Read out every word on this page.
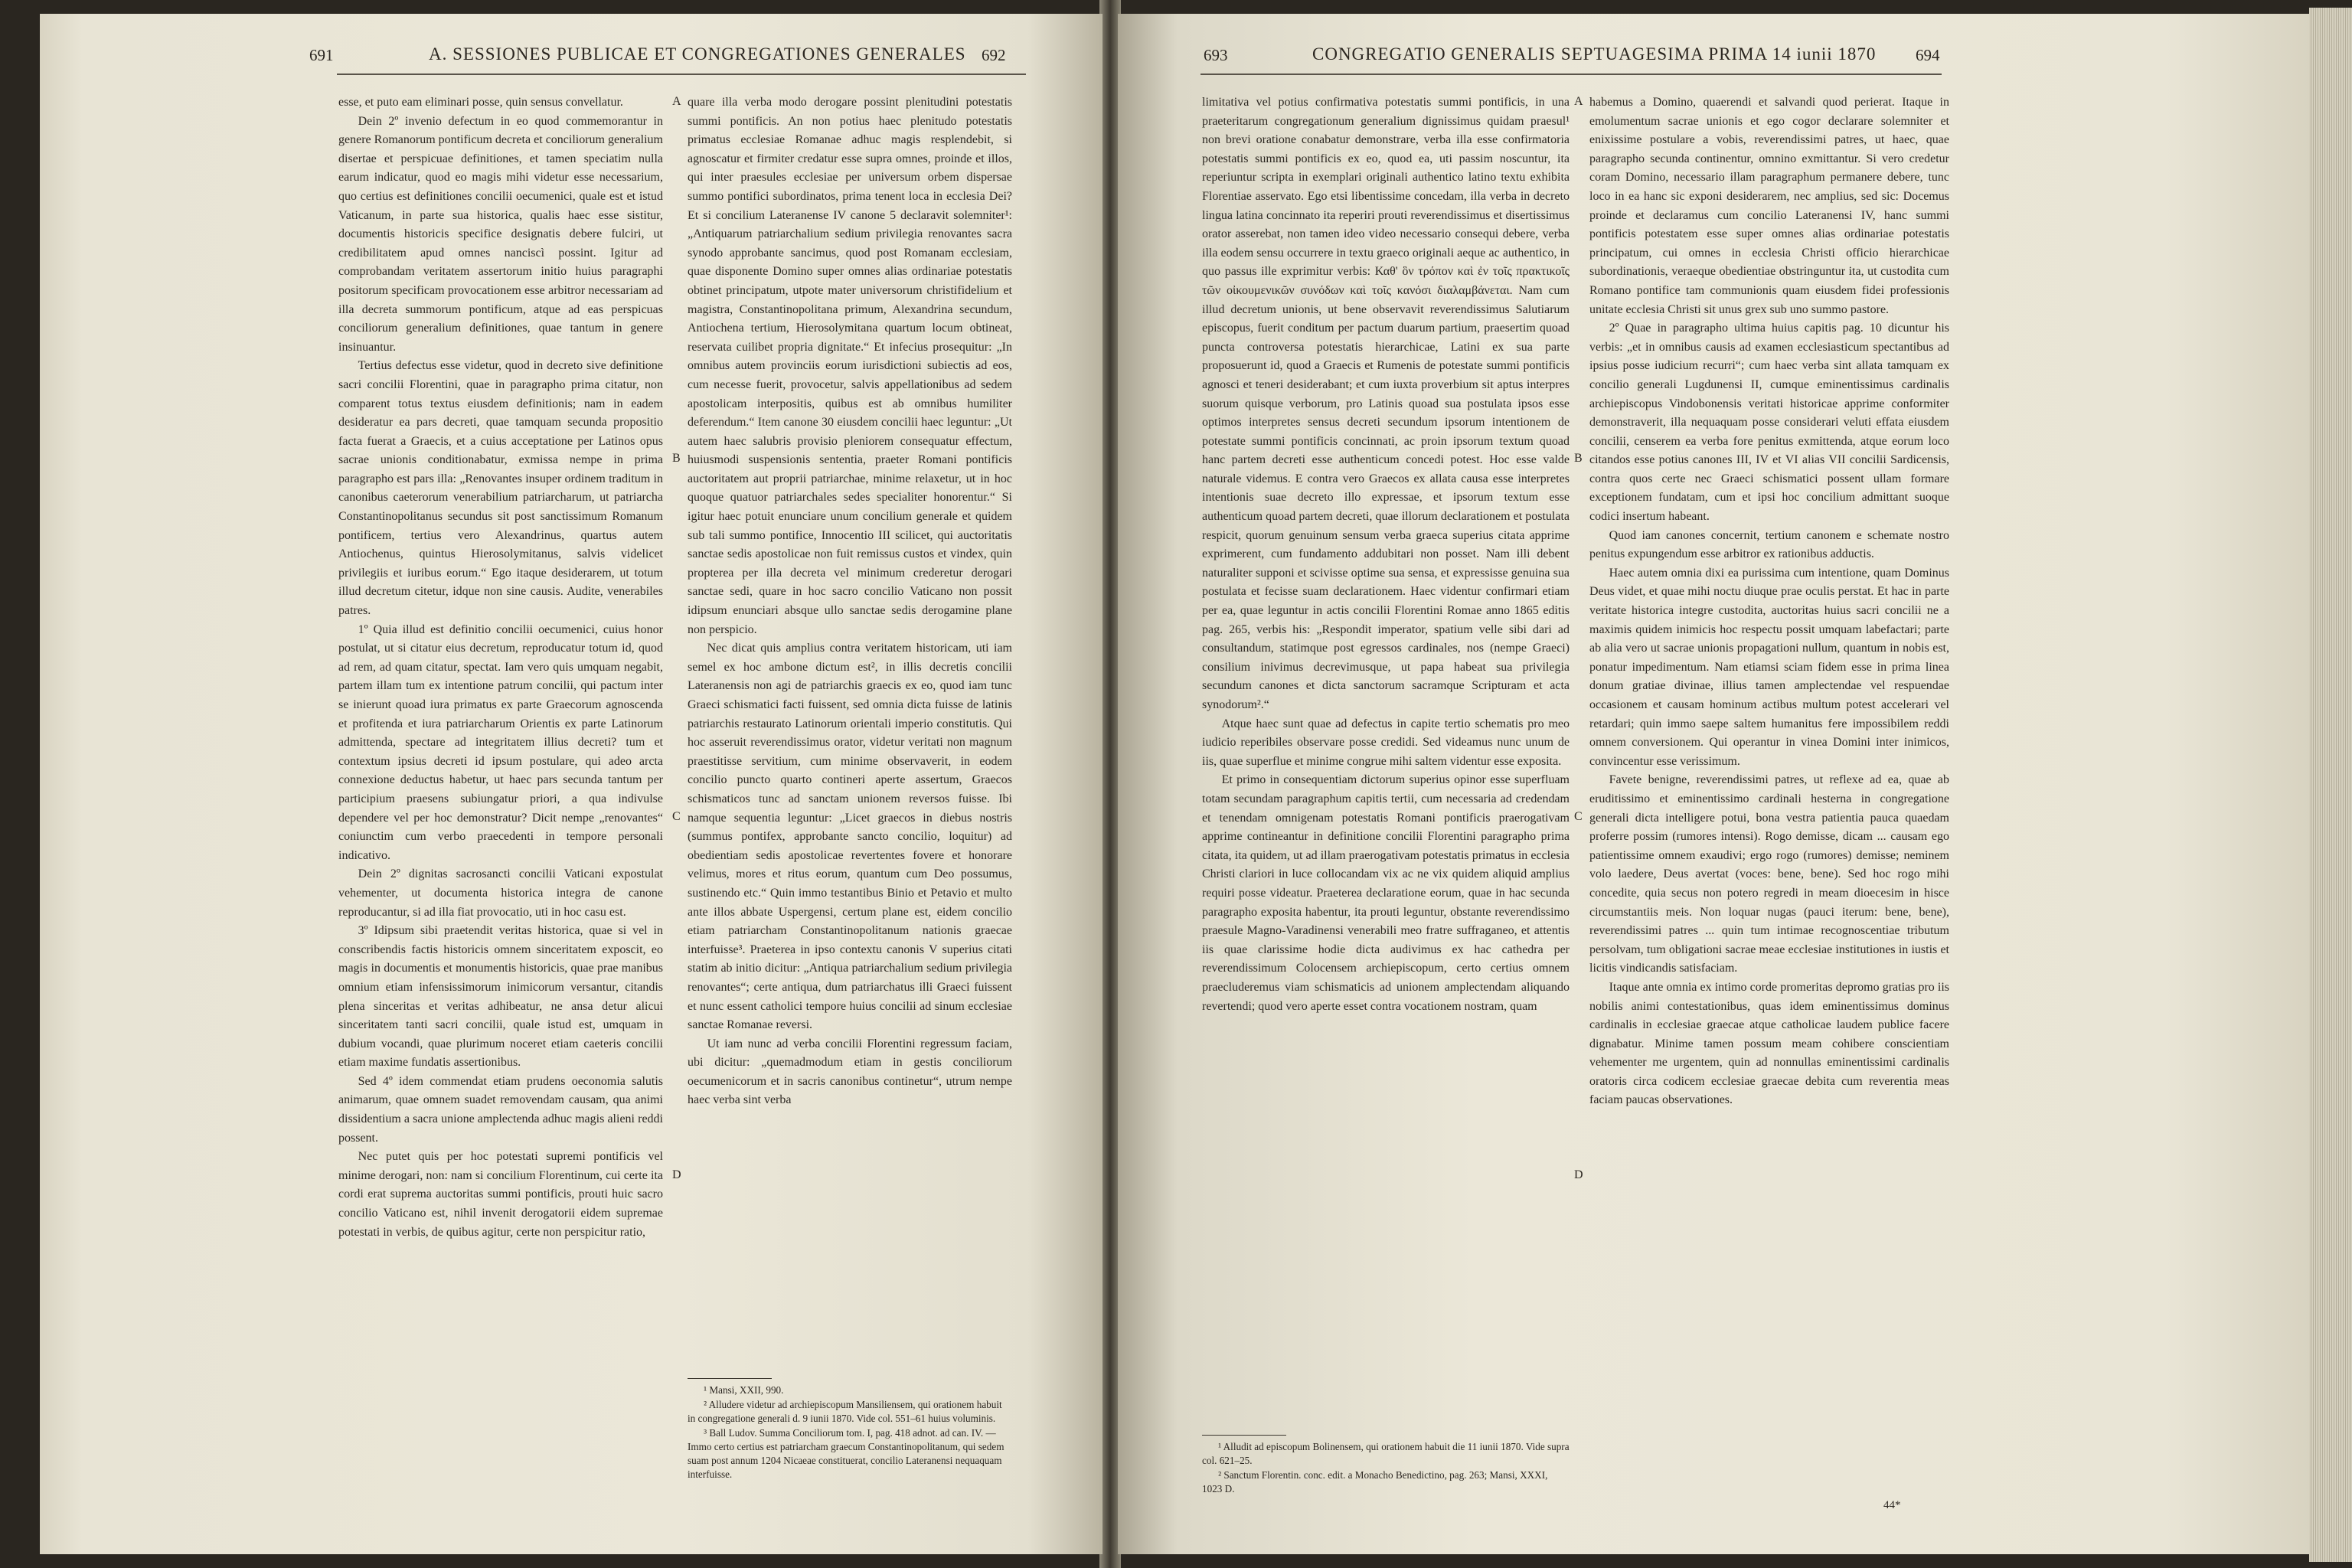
691	A. SESSIONES PUBLICAE ET CONGREGATIONES GENERALES 692

esse, et puto eam eliminari posse, quin sensus convellatur.

Dein 2º invenio defectum in eo quod commemorantur in genere Romanorum pontificum decreta et conciliorum generalium disertae et perspicuae definitiones, et tamen speciatim nulla earum indicatur, quod eo magis mihi videtur esse necessarium, quo certius est definitiones concilii oecumenici, quale est et istud Vaticanum, in parte sua historica, qualis haec esse sistitur, documentis historicis specifice designatis debere fulciri, ut credibilitatem apud omnes nanciscì possint. Igitur ad comprobandam veritatem assertorum initio huius paragraphi positorum specificam provocationem esse arbitror necessariam ad illa decreta summorum pontificum, atque ad eas perspicuas conciliorum generalium definitiones, quae tantum in genere insinuantur.

Tertius defectus esse videtur, quod in decreto sive definitione sacri concilii Florentini, quae in paragrapho prima citatur, non comparent totus textus eiusdem definitionis; nam in eadem desideratur ea pars decreti, quae tamquam secunda propositio facta fuerat a Graecis, et a cuius acceptatione per Latinos opus sacrae unionis conditionabatur, exmissa nempe in prima paragrapho est pars illa: „Renovantes insuper ordinem traditum in canonibus caeterorum venerabilium patriarcharum, ut patriarcha Constantinopolitanus secundus sit post sanctissimum Romanum pontificem, tertius vero Alexandrinus, quartus autem Antiochenus, quintus Hierosolymitanus, salvis videlicet privilegiis et iuribus eorum.“ Ego itaque desiderarem, ut totum illud decretum citetur, idque non sine causis. Audite, venerabiles patres.

1º Quia illud est definitio concilii oecumenici, cuius honor postulat, ut si citatur eius decretum, reproducatur totum id, quod ad rem, ad quam citatur, spectat. Iam vero quis umquam negabit, partem illam tum ex intentione patrum concilii, qui pactum inter se inierunt quoad iura primatus ex parte Graecorum agnoscenda et profitenda et iura patriarcharum Orientis ex parte Latinorum admittenda, spectare ad integritatem illius decreti? tum et contextum ipsius decreti id ipsum postulare, qui adeo arcta connexione deductus habetur, ut haec pars secunda tantum per participium praesens subiungatur priori, a qua indivulse dependere vel per hoc demonstratur? Dicit nempe „renovantes“ coniunctim cum verbo praecedenti in tempore personali indicativo.

Dein 2º dignitas sacrosancti concilii Vaticani expostulat vehementer, ut documenta historica integra de canone reproducantur, si ad illa fiat provocatio, uti in hoc casu est.

3º Idipsum sibi praetendit veritas historica, quae si vel in conscribendis factis historicis omnem sinceritatem exposcit, eo magis in documentis et monumentis historicis, quae prae manibus omnium etiam infensissimorum inimicorum versantur, citandis plena sinceritas et veritas adhibeatur, ne ansa detur alicui sinceritatem tanti sacri concilii, quale istud est, umquam in dubium vocandi, quae plurimum noceret etiam caeteris concilii etiam maxime fundatis assertionibus.

Sed 4º idem commendat etiam prudens oeconomia salutis animarum, quae omnem suadet removendam causam, qua animi dissidentium a sacra unione amplectenda adhuc magis alieni reddi possent.

Nec putet quis per hoc potestati supremi pontificis vel minime derogari, non: nam si concilium Florentinum, cui certe ita cordi erat suprema auctoritas summi pontificis, prouti huic sacro concilio Vaticano est, nihil invenit derogatorii eidem supremae potestati in verbis, de quibus agitur, certe non perspicitur ratio,

A
B
C
D

quare illa verba modo derogare possint plenitudini potestatis summi pontificis. An non potius haec plenitudo potestatis primatus ecclesiae Romanae adhuc magis resplendebit, si agnoscatur et firmiter credatur esse supra omnes, proinde et illos, qui inter praesules ecclesiae per universum orbem dispersae summo pontifici subordinatos, prima tenent loca in ecclesia Dei? Et si concilium Lateranense IV canone 5 declaravit solemniter¹: „Antiquarum patriarchalium sedium privilegia renovantes sacra synodo approbante sancimus, quod post Romanam ecclesiam, quae disponente Domino super omnes alias ordinariae potestatis obtinet principatum, utpote mater universorum christifidelium et magistra, Constantinopolitana primum, Alexandrina secundum, Antiochena tertium, Hierosolymitana quartum locum obtineat, reservata cuilibet propria dignitate.“ Et infecius prosequitur: „In omnibus autem provinciis eorum iurisdictioni subiectis ad eos, cum necesse fuerit, provocetur, salvis appellationibus ad sedem apostolicam interpositis, quibus est ab omnibus humiliter deferendum.“ Item canone 30 eiusdem concilii haec leguntur: „Ut autem haec salubris provisio pleniorem consequatur effectum, huiusmodi suspensionis sententia, praeter Romani pontificis auctoritatem aut proprii patriarchae, minime relaxetur, ut in hoc quoque quatuor patriarchales sedes specialiter honorentur.“ Si igitur haec potuit enunciare unum concilium generale et quidem sub tali summo pontifice, Innocentio III scilicet, qui auctoritatis sanctae sedis apostolicae non fuit remissus custos et vindex, quin propterea per illa decreta vel minimum crederetur derogari sanctae sedi, quare in hoc sacro concilio Vaticano non possit idipsum enunciari absque ullo sanctae sedis derogamine plane non perspicio.

Nec dicat quis amplius contra veritatem historicam, uti iam semel ex hoc ambone dictum est², in illis decretis concilii Lateranensis non agi de patriarchis graecis ex eo, quod iam tunc Graeci schismatici facti fuissent, sed omnia dicta fuisse de latinis patriarchis restaurato Latinorum orientali imperio constitutis. Qui hoc asseruit reverendissimus orator, videtur veritati non magnum praestitisse servitium, cum minime observaverit, in eodem concilio puncto quarto contineri aperte assertum, Graecos schismaticos tunc ad sanctam unionem reversos fuisse. Ibi namque sequentia leguntur: „Licet graecos in diebus nostris (summus pontifex, approbante sancto concilio, loquitur) ad obedientiam sedis apostolicae revertentes fovere et honorare velimus, mores et ritus eorum, quantum cum Deo possumus, sustinendo etc.“ Quin immo testantibus Binio et Petavio et multo ante illos abbate Uspergensi, certum plane est, eidem concilio etiam patriarcham Constantinopolitanum nationis graecae interfuisse³. Praeterea in ipso contextu canonis V superius citati statim ab initio dicitur: „Antiqua patriarchalium sedium privilegia renovantes“; certe antiqua, dum patriarchatus illi Graeci fuissent et nunc essent catholici tempore huius concilii ad sinum ecclesiae sanctae Romanae reversi.

Ut iam nunc ad verba concilii Florentini regressum faciam, ubi dicitur: „quemadmodum etiam in gestis conciliorum oecumenicorum et in sacris canonibus continetur“, utrum nempe haec verba sint verba

¹ Mansi, XXII, 990.

² Alludere videtur ad archiepiscopum Mansiliensem, qui orationem habuit in congregatione generali d. 9 iunii 1870. Vide col. 551–61 huius voluminis.

³ Ball Ludov. Summa Conciliorum tom. I, pag. 418 adnot. ad can. IV. — Immo certo certius est patriarcham graecum Constantinopolitanum, qui sedem suam post annum 1204 Nicaeae constituerat, concilio Lateranensi nequaquam interfuisse.

693	CONGREGATIO GENERALIS SEPTUAGESIMA PRIMA 14 iunii 1870 694

limitativa vel potius confirmativa potestatis summi pontificis, in una praeteritarum congregationum generalium dignissimus quidam praesul¹ non brevi oratione conabatur demonstrare, verba illa esse confirmatoria potestatis summi pontificis ex eo, quod ea, uti passim noscuntur, ita reperiuntur scripta in exemplari originali authentico latino textu exhibita Florentiae asservato. Ego etsi libentissime concedam, illa verba in decreto lingua latina concinnato ita reperiri prouti reverendissimus et disertissimus orator asserebat, non tamen ideo video necessario consequi debere, verba illa eodem sensu occurrere in textu graeco originali aeque ac authentico, in quo passus ille exprimitur verbis: Καθ' ὃν τρόπον καὶ ἐν τοῖς πρακτικοῖς τῶν οἰκουμενικῶν συνόδων καὶ τοῖς κανόσι διαλαμβάνεται. Nam cum illud decretum unionis, ut bene observavit reverendissimus Salutiarum episcopus, fuerit conditum per pactum duarum partium, praesertim quoad puncta controversa potestatis hierarchicae, Latini ex sua parte proposuerunt id, quod a Graecis et Rumenis de potestate summi pontificis agnosci et teneri desiderabant; et cum iuxta proverbium sit aptus interpres suorum quisque verborum, pro Latinis quoad sua postulata ipsos esse optimos interpretes sensus decreti secundum ipsorum intentionem de potestate summi pontificis concinnati, ac proin ipsorum textum quoad hanc partem decreti esse authenticum concedi potest. Hoc esse valde naturale videmus. E contra vero Graecos ex allata causa esse interpretes intentionis suae decreto illo expressae, et ipsorum textum esse authenticum quoad partem decreti, quae illorum declarationem et postulata respicit, quorum genuinum sensum verba graeca superius citata apprime exprimerent, cum fundamento addubitari non posset. Nam illi debent naturaliter supponi et scivisse optime sua sensa, et expressisse genuina sua postulata et fecisse suam declarationem. Haec videntur confirmari etiam per ea, quae leguntur in actis concilii Florentini Romae anno 1865 editis pag. 265, verbis his: „Respondit imperator, spatium velle sibi dari ad consultandum, statimque post egressos cardinales, nos (nempe Graeci) consilium inivimus decrevimusque, ut papa habeat sua privilegia secundum canones et dicta sanctorum sacramque Scripturam et acta synodorum².“

Atque haec sunt quae ad defectus in capite tertio schematis pro meo iudicio reperibiles observare posse credidi. Sed videamus nunc unum de iis, quae superflue et minime congrue mihi saltem videntur esse exposita.

Et primo in consequentiam dictorum superius opinor esse superfluam totam secundam paragraphum capitis tertii, cum necessaria ad credendam et tenendam omnigenam potestatis Romani pontificis praerogativam apprime contineantur in definitione concilii Florentini paragrapho prima citata, ita quidem, ut ad illam praerogativam potestatis primatus in ecclesia Christi clariori in luce collocandam vix ac ne vix quidem aliquid amplius requiri posse videatur. Praeterea declaratione eorum, quae in hac secunda paragrapho exposita habentur, ita prouti leguntur, obstante reverendissimo praesule Magno-Varadinensi venerabili meo fratre suffraganeo, et attentis iis quae clarissime hodie dicta audivimus ex hac cathedra per reverendissimum Colocensem archiepiscopum, certo certius omnem praecluderemus viam schismaticis ad unionem amplectendam aliquando revertendi; quod vero aperte esset contra vocationem nostram, quam

¹ Alludit ad episcopum Bolinensem, qui orationem habuit die 11 iunii 1870. Vide supra col. 621–25.

² Sanctum Florentin. conc. edit. a Monacho Benedictino, pag. 263; Mansi, XXXI, 1023 D.

A
B
C
D

habemus a Domino, quaerendi et salvandi quod perierat. Itaque in emolumentum sacrae unionis et ego cogor declarare solemniter et enixissime postulare a vobis, reverendissimi patres, ut haec, quae paragrapho secunda continentur, omnino exmittantur. Si vero credetur coram Domino, necessario illam paragraphum permanere debere, tunc loco in ea hanc sic exponi desiderarem, nec amplius, sed sic: Docemus proinde et declaramus cum concilio Lateranensi IV, hanc summi pontificis potestatem esse super omnes alias ordinariae potestatis principatum, cui omnes in ecclesia Christi officio hierarchicae subordinationis, veraeque obedientiae obstringuntur ita, ut custodita cum Romano pontifice tam communionis quam eiusdem fidei professionis unitate ecclesia Christi sit unus grex sub uno summo pastore.

2º Quae in paragrapho ultima huius capitis pag. 10 dicuntur his verbis: „et in omnibus causis ad examen ecclesiasticum spectantibus ad ipsius posse iudicium recurri“; cum haec verba sint allata tamquam ex concilio generali Lugdunensi II, cumque eminentissimus cardinalis archiepiscopus Vindobonensis veritati historicae apprime conformiter demonstraverit, illa nequaquam posse considerari veluti effata eiusdem concilii, censerem ea verba fore penitus exmittenda, atque eorum loco citandos esse potius canones III, IV et VI alias VII concilii Sardicensis, contra quos certe nec Graeci schismatici possent ullam formare exceptionem fundatam, cum et ipsi hoc concilium admittant suoque codici insertum habeant.

Quod iam canones concernit, tertium canonem e schemate nostro penitus expungendum esse arbitror ex rationibus adductis.

Haec autem omnia dixi ea purissima cum intentione, quam Dominus Deus videt, et quae mihi noctu diuque prae oculis perstat. Et hac in parte veritate historica integre custodita, auctoritas huius sacri concilii ne a maximis quidem inimicis hoc respectu possit umquam labefactari; parte ab alia vero ut sacrae unionis propagationi nullum, quantum in nobis est, ponatur impedimentum. Nam etiamsi sciam fidem esse in prima linea donum gratiae divinae, illius tamen amplectendae vel respuendae occasionem et causam hominum actibus multum potest accelerari vel retardari; quin immo saepe saltem humanitus fere impossibilem reddi omnem conversionem. Qui operantur in vinea Domini inter inimicos, convincentur esse verissimum.

Favete benigne, reverendissimi patres, ut reflexe ad ea, quae ab eruditissimo et eminentissimo cardinali hesterna in congregatione generali dicta intelligere potui, bona vestra patientia pauca quaedam proferre possim (rumores intensi). Rogo demisse, dicam ... causam ego patientissime omnem exaudivi; ergo rogo (rumores) demisse; neminem volo laedere, Deus avertat (voces: bene, bene). Sed hoc rogo mihi concedite, quia secus non potero regredi in meam dioecesim in hisce circumstantiis meis. Non loquar nugas (pauci iterum: bene, bene), reverendissimi patres ... quin tum intimae recognoscentiae tributum persolvam, tum obligationi sacrae meae ecclesiae institutiones in iustis et licitis vindicandis satisfaciam.

Itaque ante omnia ex intimo corde promeritas depromo gratias pro iis nobilis animi contestationibus, quas idem eminentissimus dominus cardinalis in ecclesiae graecae atque catholicae laudem publice facere dignabatur. Minime tamen possum meam cohibere conscientiam vehementer me urgentem, quin ad nonnullas eminentissimi cardinalis oratoris circa codicem ecclesiae graecae debita cum reverentia meas faciam paucas observationes.

44*
